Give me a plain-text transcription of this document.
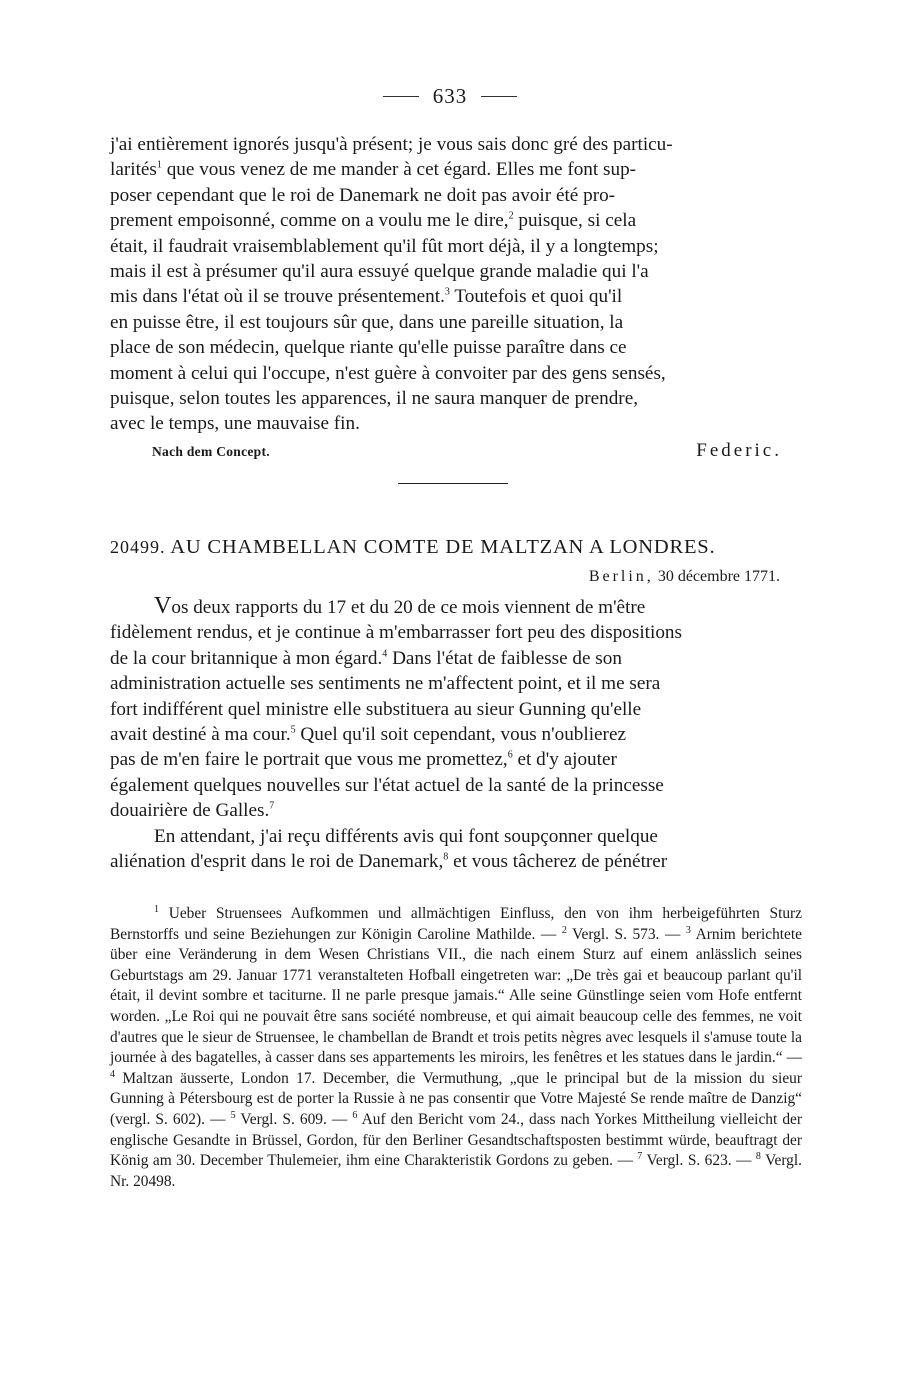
633

j'ai entièrement ignorés jusqu'à présent; je vous sais donc gré des particu-

larités$^1$ que vous venez de me mander à cet égard. Elles me font sup-

poser cependant que le roi de Danemark ne doit pas avoir été pro-

prement empoisonné, comme on a voulu me le dire,$^2$ puisque, si cela

était, il faudrait vraisemblablement qu'il fût mort déjà, il y a longtemps;

mais il est à présumer qu'il aura essuyé quelque grande maladie qui l'a

mis dans l'état où il se trouve présentement.$^3$ Toutefois et quoi qu'il

en puisse être, il est toujours sûr que, dans une pareille situation, la

place de son médecin, quelque riante qu'elle puisse paraître dans ce

moment à celui qui l'occupe, n'est guère à convoiter par des gens sensés,

puisque, selon toutes les apparences, il ne saura manquer de prendre,

avec le temps, une mauvaise fin.

Nach dem Concept.	Federic.
20499. AU CHAMBELLAN COMTE DE MALTZAN A LONDRES.
Berlin, 30 décembre 1771.

Vos deux rapports du 17 et du 20 de ce mois viennent de m'être

fidèlement rendus, et je continue à m'embarrasser fort peu des dispositions

de la cour britannique à mon égard.$^4$ Dans l'état de faiblesse de son

administration actuelle ses sentiments ne m'affectent point, et il me sera

fort indifférent quel ministre elle substituera au sieur Gunning qu'elle

avait destiné à ma cour.$^5$ Quel qu'il soit cependant, vous n'oublierez

pas de m'en faire le portrait que vous me promettez,$^6$ et d'y ajouter

également quelques nouvelles sur l'état actuel de la santé de la princesse

douairière de Galles.$^7$

En attendant, j'ai reçu différents avis qui font soupçonner quelque

aliénation d'esprit dans le roi de Danemark,$^8$ et vous tâcherez de pénétrer

$^1$ Ueber Struensees Aufkommen und allmächtigen Einfluss, den von ihm herbeigeführten Sturz Bernstorffs und seine Beziehungen zur Königin Caroline Mathilde. — $^2$ Vergl. S. 573. — $^3$ Arnim berichtete über eine Veränderung in dem Wesen Christians VII., die nach einem Sturz auf einem anlässlich seines Geburtstags am 29. Januar 1771 veranstalteten Hofball eingetreten war: „De très gai et beaucoup parlant qu'il était, il devint sombre et taciturne. Il ne parle presque jamais.“ Alle seine Günstlinge seien vom Hofe entfernt worden. „Le Roi qui ne pouvait être sans société nombreuse, et qui aimait beaucoup celle des femmes, ne voit d'autres que le sieur de Struensee, le chambellan de Brandt et trois petits nègres avec lesquels il s'amuse toute la journée à des bagatelles, à casser dans ses appartements les miroirs, les fenêtres et les statues dans le jardin.“ — $^4$ Maltzan äusserte, London 17. December, die Vermuthung, „que le principal but de la mission du sieur Gunning à Pétersbourg est de porter la Russie à ne pas consentir que Votre Majesté Se rende maître de Danzig“ (vergl. S. 602). — $^5$ Vergl. S. 609. — $^6$ Auf den Bericht vom 24., dass nach Yorkes Mittheilung vielleicht der englische Gesandte in Brüssel, Gordon, für den Berliner Gesandtschaftsposten bestimmt würde, beauftragt der König am 30. December Thulemeier, ihm eine Charakteristik Gordons zu geben. — $^7$ Vergl. S. 623. — $^8$ Vergl. Nr. 20498.
